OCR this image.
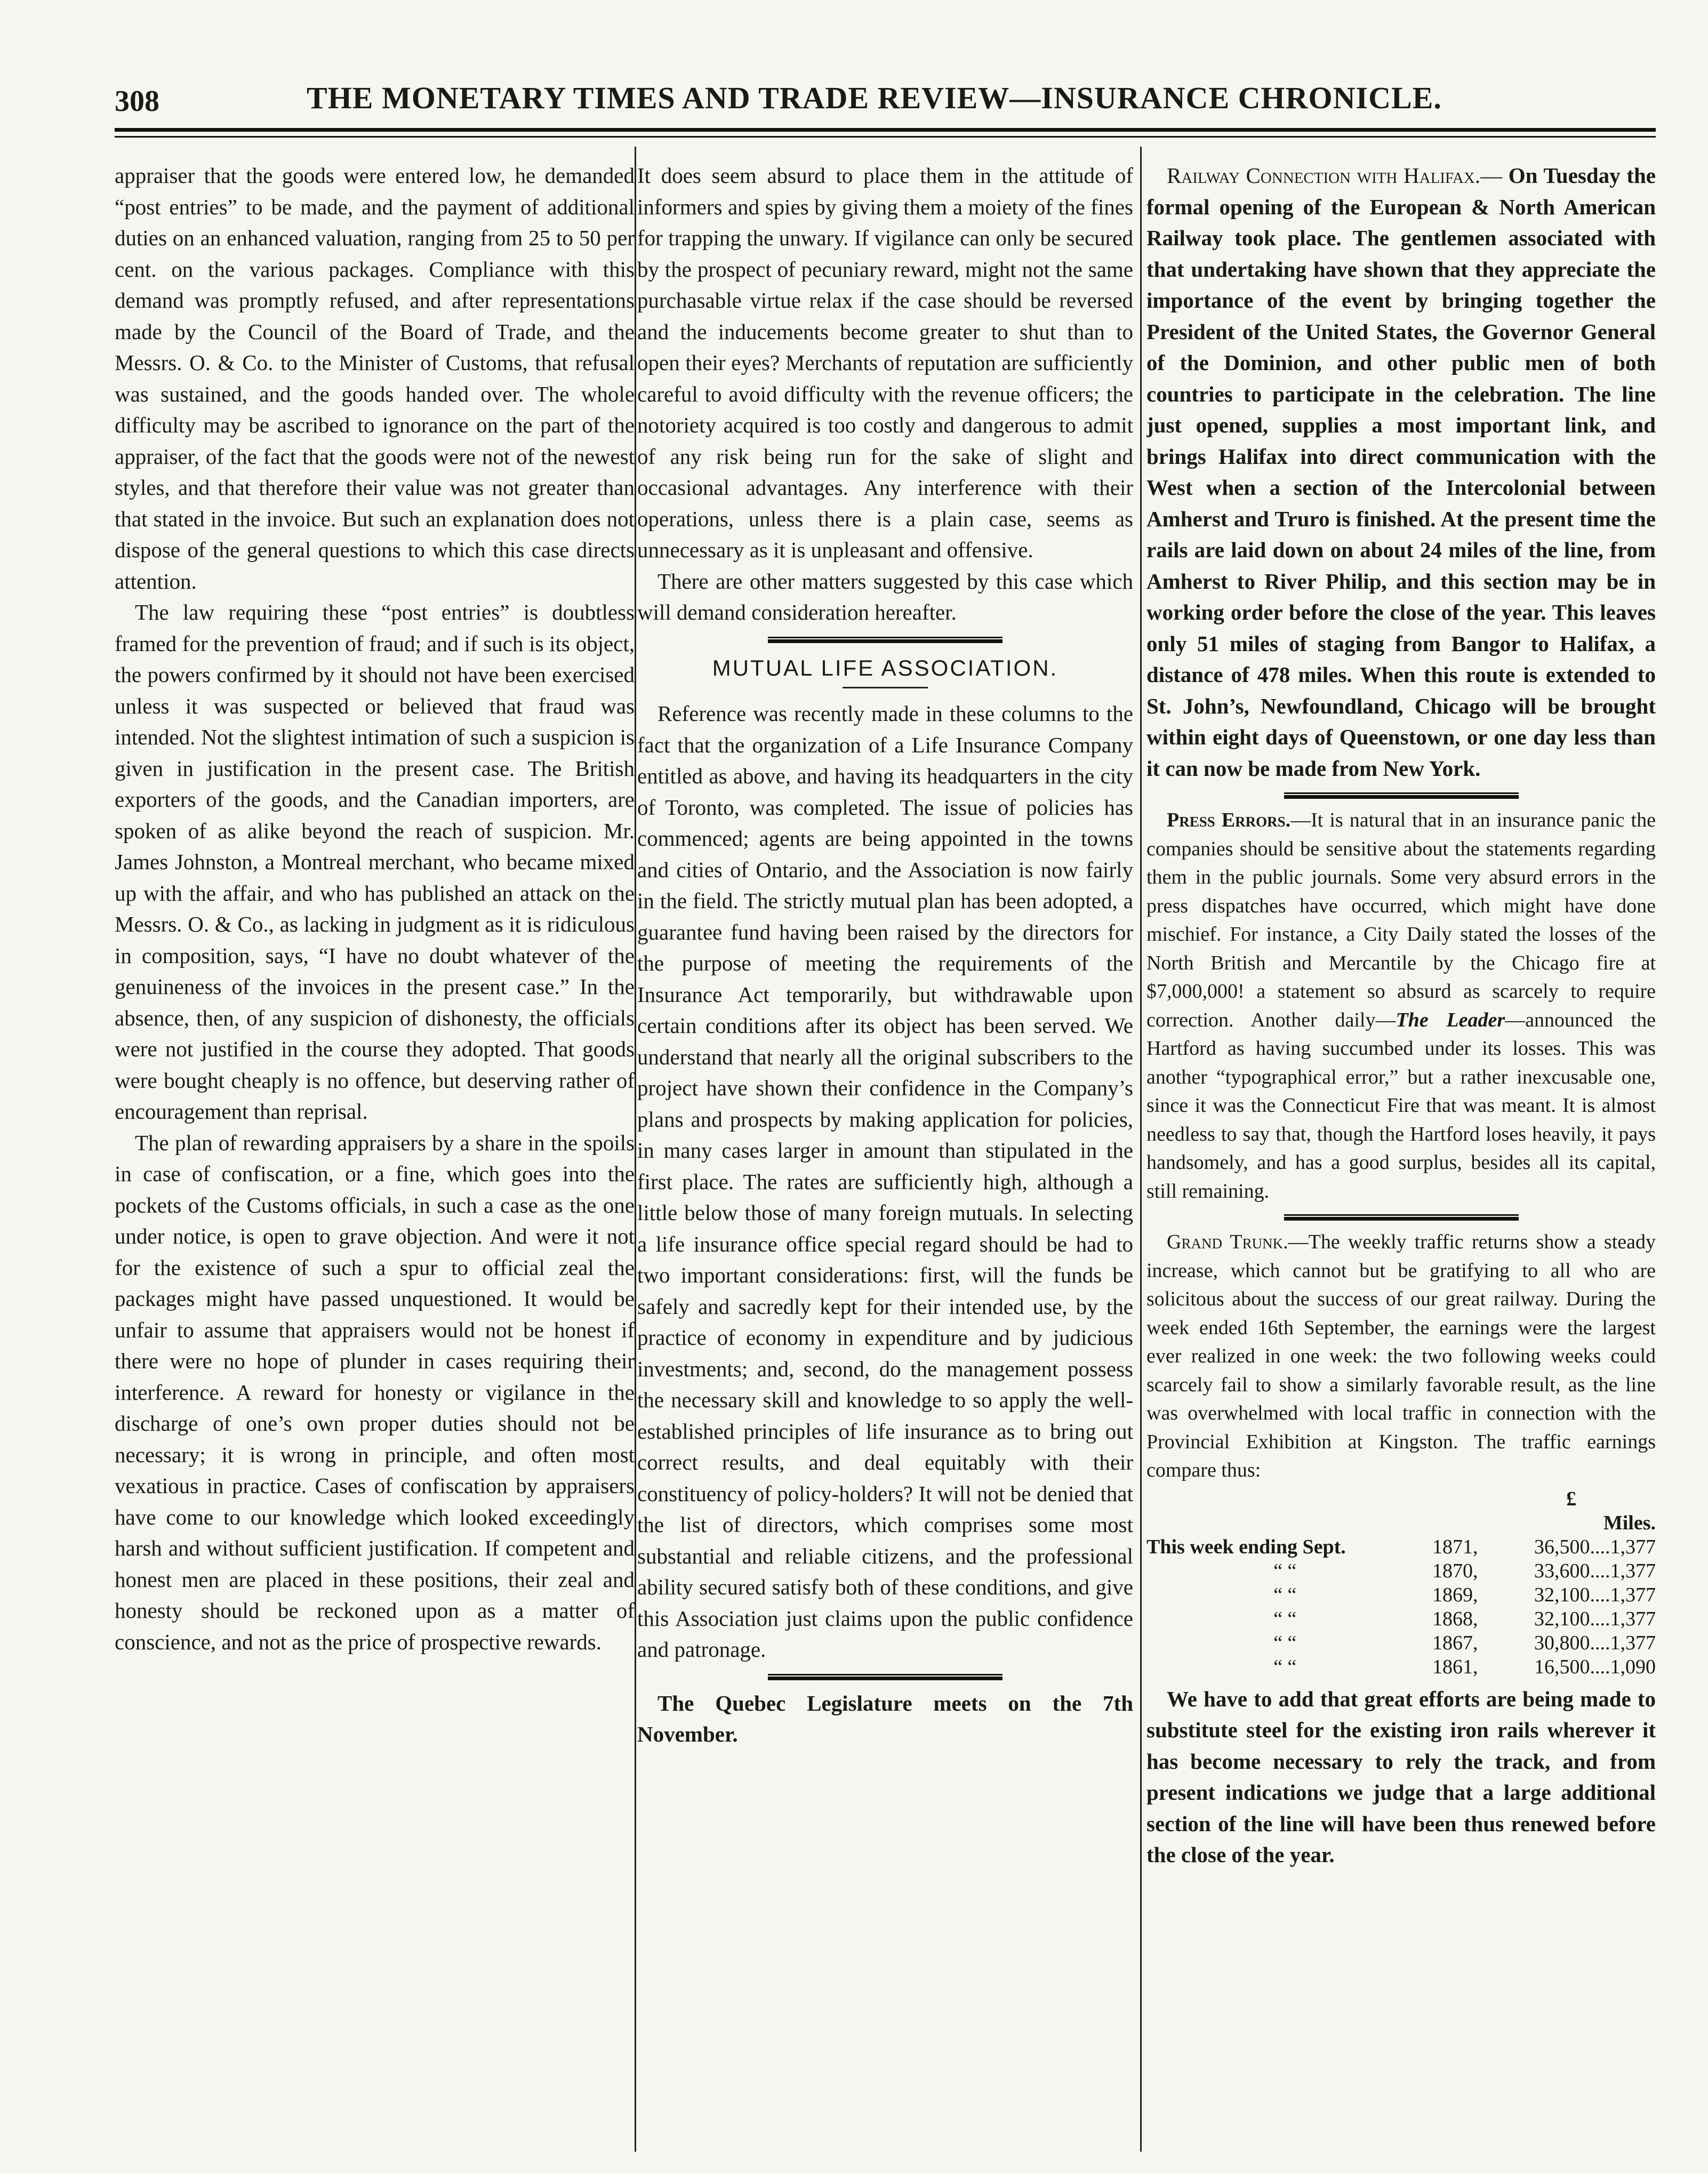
308	THE MONETARY TIMES AND TRADE REVIEW—INSURANCE CHRONICLE.

appraiser that the goods were entered low, he demanded “post entries” to be made, and the payment of additional duties on an enhanced valuation, ranging from 25 to 50 per cent. on the various packages. Compliance with this demand was promptly refused, and after representations made by the Council of the Board of Trade, and the Messrs. O. & Co. to the Minister of Customs, that refusal was sustained, and the goods handed over. The whole difficulty may be ascribed to ignorance on the part of the appraiser, of the fact that the goods were not of the newest styles, and that therefore their value was not greater than that stated in the invoice. But such an explanation does not dispose of the general questions to which this case directs attention.

The law requiring these “post entries” is doubtless framed for the prevention of fraud; and if such is its object, the powers confirmed by it should not have been exercised unless it was suspected or believed that fraud was intended. Not the slightest intimation of such a suspicion is given in justification in the present case. The British exporters of the goods, and the Canadian importers, are spoken of as alike beyond the reach of suspicion. Mr. James Johnston, a Montreal merchant, who became mixed up with the affair, and who has published an attack on the Messrs. O. & Co., as lacking in judgment as it is ridiculous in composition, says, “I have no doubt whatever of the genuineness of the invoices in the present case.” In the absence, then, of any suspicion of dishonesty, the officials were not justified in the course they adopted. That goods were bought cheaply is no offence, but deserving rather of encouragement than reprisal.

The plan of rewarding appraisers by a share in the spoils in case of confiscation, or a fine, which goes into the pockets of the Customs officials, in such a case as the one under notice, is open to grave objection. And were it not for the existence of such a spur to official zeal the packages might have passed unquestioned. It would be unfair to assume that appraisers would not be honest if there were no hope of plunder in cases requiring their interference. A reward for honesty or vigilance in the discharge of one’s own proper duties should not be necessary; it is wrong in principle, and often most vexatious in practice. Cases of confiscation by appraisers have come to our knowledge which looked exceedingly harsh and without sufficient justification. If competent and honest men are placed in these positions, their zeal and honesty should be reckoned upon as a matter of conscience, and not as the price of prospective rewards.

It does seem absurd to place them in the attitude of informers and spies by giving them a moiety of the fines for trapping the unwary. If vigilance can only be secured by the prospect of pecuniary reward, might not the same purchasable virtue relax if the case should be reversed and the inducements become greater to shut than to open their eyes? Merchants of reputation are sufficiently careful to avoid difficulty with the revenue officers; the notoriety acquired is too costly and dangerous to admit of any risk being run for the sake of slight and occasional advantages. Any interference with their operations, unless there is a plain case, seems as unnecessary as it is unpleasant and offensive.

There are other matters suggested by this case which will demand consideration hereafter.

MUTUAL LIFE ASSOCIATION.

Reference was recently made in these columns to the fact that the organization of a Life Insurance Company entitled as above, and having its headquarters in the city of Toronto, was completed. The issue of policies has commenced; agents are being appointed in the towns and cities of Ontario, and the Association is now fairly in the field. The strictly mutual plan has been adopted, a guarantee fund having been raised by the directors for the purpose of meeting the requirements of the Insurance Act temporarily, but withdrawable upon certain conditions after its object has been served. We understand that nearly all the original subscribers to the project have shown their confidence in the Company’s plans and prospects by making application for policies, in many cases larger in amount than stipulated in the first place. The rates are sufficiently high, although a little below those of many foreign mutuals. In selecting a life insurance office special regard should be had to two important considerations: first, will the funds be safely and sacredly kept for their intended use, by the practice of economy in expenditure and by judicious investments; and, second, do the management possess the necessary skill and knowledge to so apply the well-established principles of life insurance as to bring out correct results, and deal equitably with their constituency of policy-holders? It will not be denied that the list of directors, which comprises some most substantial and reliable citizens, and the professional ability secured satisfy both of these conditions, and give this Association just claims upon the public confidence and patronage.

The Quebec Legislature meets on the 7th November.

Railway Connection with Halifax.— On Tuesday the formal opening of the European & North American Railway took place. The gentlemen associated with that undertaking have shown that they appreciate the importance of the event by bringing together the President of the United States, the Governor General of the Dominion, and other public men of both countries to participate in the celebration. The line just opened, supplies a most important link, and brings Halifax into direct communication with the West when a section of the Intercolonial between Amherst and Truro is finished. At the present time the rails are laid down on about 24 miles of the line, from Amherst to River Philip, and this section may be in working order before the close of the year. This leaves only 51 miles of staging from Bangor to Halifax, a distance of 478 miles. When this route is extended to St. John’s, Newfoundland, Chicago will be brought within eight days of Queenstown, or one day less than it can now be made from New York.

Press Errors.—It is natural that in an insurance panic the companies should be sensitive about the statements regarding them in the public journals. Some very absurd errors in the press dispatches have occurred, which might have done mischief. For instance, a City Daily stated the losses of the North British and Mercantile by the Chicago fire at $7,000,000! a statement so absurd as scarcely to require correction. Another daily—The Leader—announced the Hartford as having succumbed under its losses. This was another “typographical error,” but a rather inexcusable one, since it was the Connecticut Fire that was meant. It is almost needless to say that, though the Hartford loses heavily, it pays handsomely, and has a good surplus, besides all its capital, still remaining.

Grand Trunk.—The weekly traffic returns show a steady increase, which cannot but be gratifying to all who are solicitous about the success of our great railway. During the week ended 16th September, the earnings were the largest ever realized in one week: the two following weeks could scarcely fail to show a similarly favorable result, as the line was overwhelmed with local traffic in connection with the Provincial Exhibition at Kingston. The traffic earnings compare thus:

		£
		Miles.
This week ending Sept.	1871,	36,500....1,377
“ “	1870,	33,600....1,377
“ “	1869,	32,100....1,377
“ “	1868,	32,100....1,377
“ “	1867,	30,800....1,377
“ “	1861,	16,500....1,090

We have to add that great efforts are being made to substitute steel for the existing iron rails wherever it has become necessary to rely the track, and from present indications we judge that a large additional section of the line will have been thus renewed before the close of the year.
